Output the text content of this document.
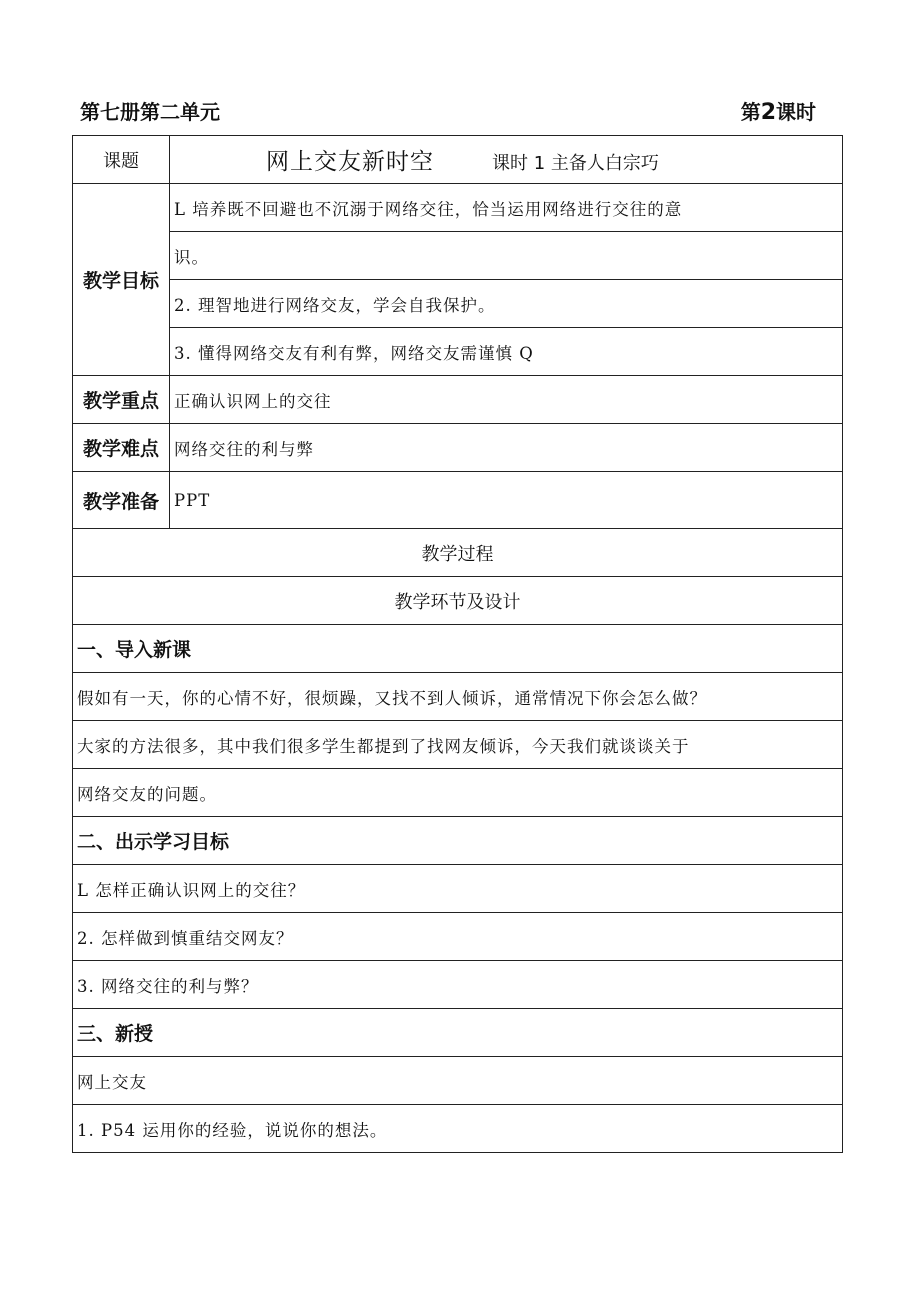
第七册第二单元	第2课时
课题	网上交友新时空 课时 1 主备人白宗巧
教学目标	L 培养既不回避也不沉溺于网络交往，恰当运用网络进行交往的意
	识。
	2. 理智地进行网络交友，学会自我保护。
	3. 懂得网络交友有利有弊，网络交友需谨慎 Q
教学重点	正确认识网上的交往
教学难点	网络交往的利与弊
教学准备	PPT
教学过程	
教学环节及设计	
一、导入新课	
假如有一天，你的心情不好，很烦躁，又找不到人倾诉，通常情况下你会怎么做？	
大家的方法很多，其中我们很多学生都提到了找网友倾诉，今天我们就谈谈关于	
网络交友的问题。	
二、出示学习目标	
L 怎样正确认识网上的交往？	
2. 怎样做到慎重结交网友？	
3. 网络交往的利与弊？	
三、新授	
网上交友	
1. P54 运用你的经验，说说你的想法。	
